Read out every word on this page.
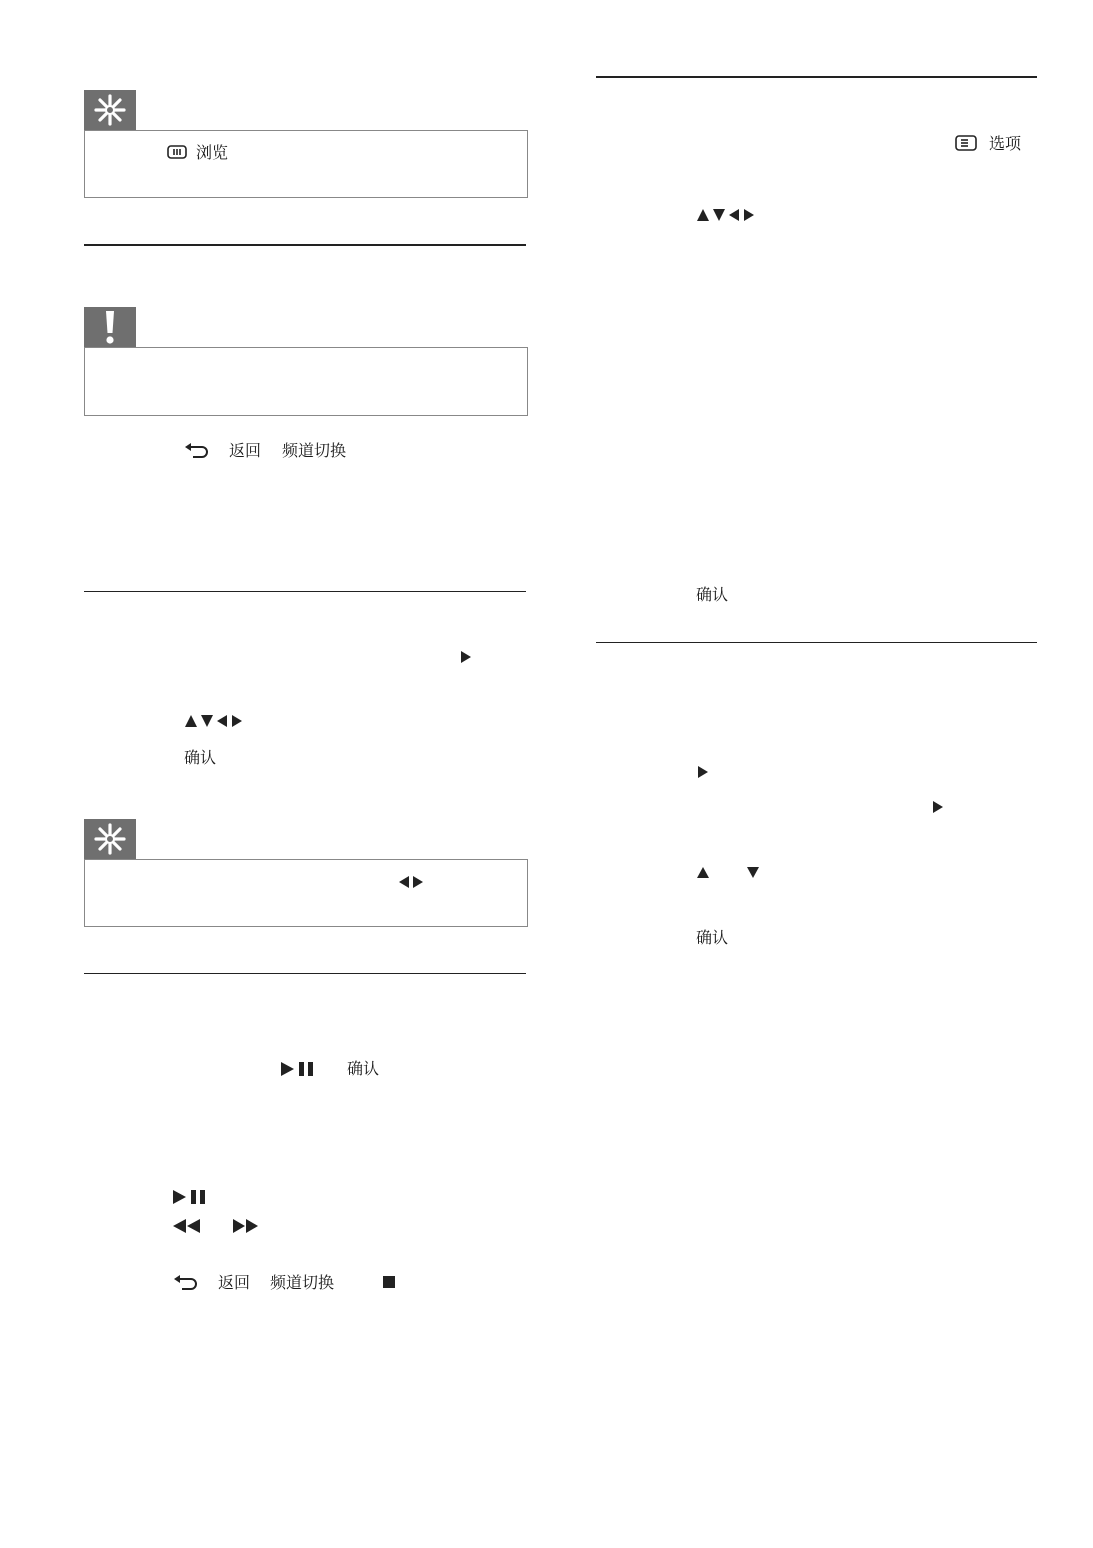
浏览
返回 频道切换
确认
确认
返回 频道切换
选项
确认
确认
